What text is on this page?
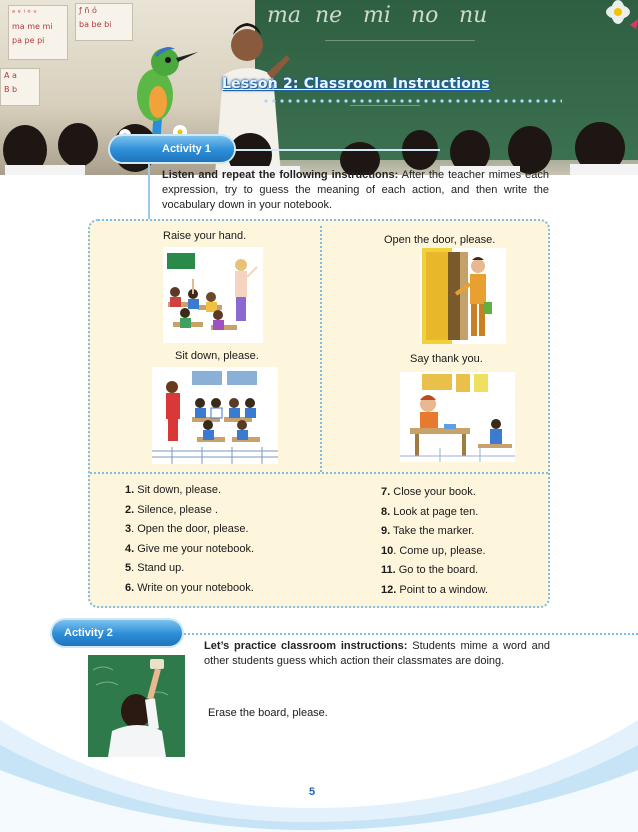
ᵃ ᵉ ⁱ ᵒ ᵘ
ma me mi
pa pe pi
ƒ ñ ó
ba be bi
A a
B b
ma ne mi no nu
Lesson 2: Classroom Instructions
Activity 1

Listen and repeat the following instructions: After the teacher mimes each expression, try to guess the meaning of each action, and then write the vocabulary down in your notebook.

Raise your hand.	Open the door, please.
Sit down, please.	Say thank you.
1. Sit down, please.
2. Silence, please .
3. Open the door, please.
4. Give me your notebook.
5. Stand up.
6. Write on your notebook.
7. Close your book.
8. Look at page ten.
9. Take the marker.
10. Come up, please.
11. Go to the board.
12. Point to a window.
Activity 2

Let’s practice classroom instructions: Students mime a word and other students guess which action their classmates are doing.

Erase the board, please.
5
